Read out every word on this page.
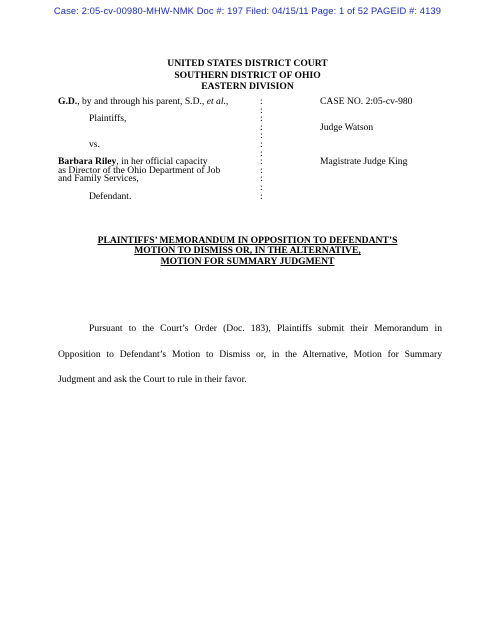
Case: 2:05-cv-00980-MHW-NMK Doc #: 197 Filed: 04/15/11 Page: 1 of 52 PAGEID #: 4139
UNITED STATES DISTRICT COURT
SOUTHERN DISTRICT OF OHIO
EASTERN DIVISION
G.D., by and through his parent, S.D., et al.,	:	CASE NO. 2:05-cv-980
:
Plaintiffs,	:
:	Judge Watson
:
vs.	:
:
Barbara Riley, in her official capacity	:	Magistrate Judge King
as Director of the Ohio Department of Job	:
and Family Services,	:
:
Defendant.	:
PLAINTIFFS’ MEMORANDUM IN OPPOSITION TO DEFENDANT’S
MOTION TO DISMISS OR, IN THE ALTERNATIVE,
MOTION FOR SUMMARY JUDGMENT
Pursuant to the Court’s Order (Doc. 183), Plaintiffs submit their Memorandum in
Opposition to Defendant’s Motion to Dismiss or, in the Alternative, Motion for Summary
Judgment and ask the Court to rule in their favor.
